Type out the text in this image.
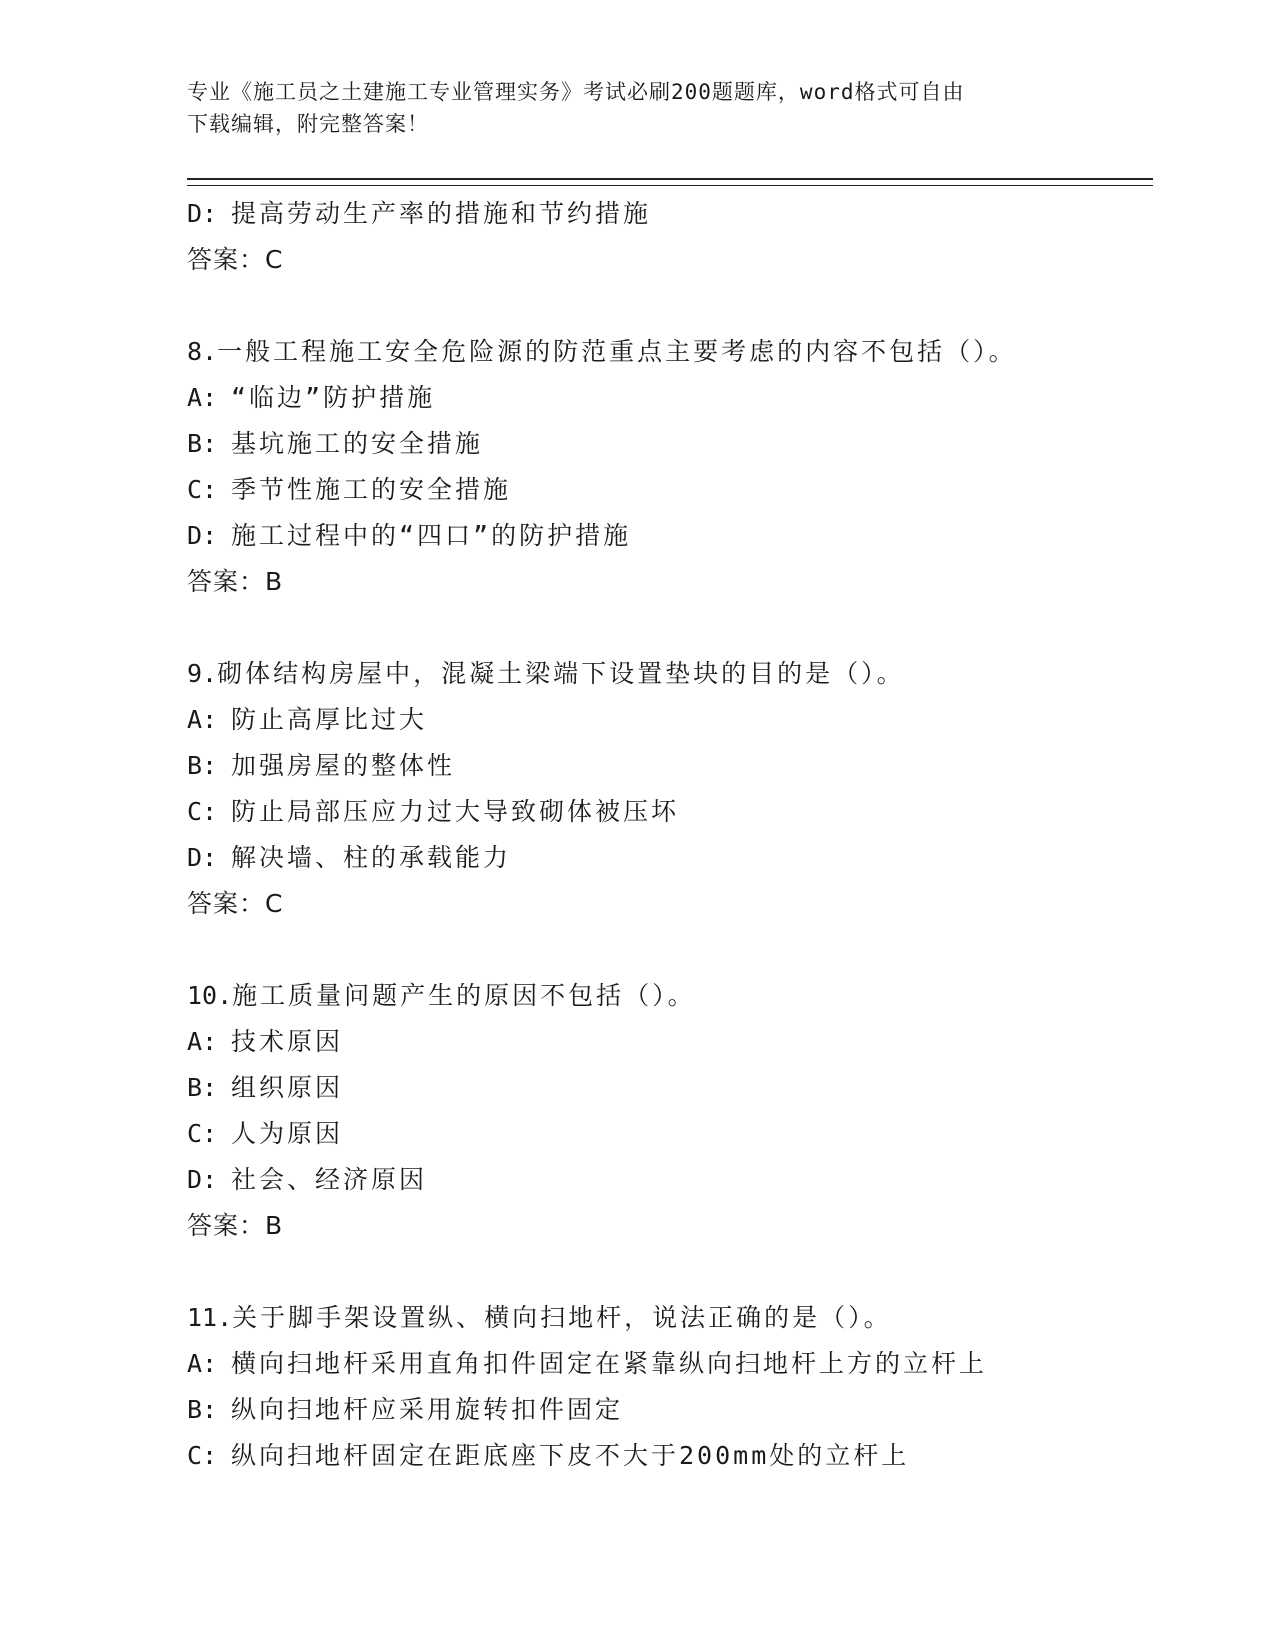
专业《施工员之土建施工专业管理实务》考试必刷200题题库，word格式可自由
下载编辑，附完整答案！
D: 提高劳动生产率的措施和节约措施
答案：C
8.一般工程施工安全危险源的防范重点主要考虑的内容不包括（）。
A: “临边”防护措施
B: 基坑施工的安全措施
C: 季节性施工的安全措施
D: 施工过程中的“四口”的防护措施
答案：B
9.砌体结构房屋中，混凝土梁端下设置垫块的目的是（）。
A: 防止高厚比过大
B: 加强房屋的整体性
C: 防止局部压应力过大导致砌体被压坏
D: 解决墙、柱的承载能力
答案：C
10.施工质量问题产生的原因不包括（）。
A: 技术原因
B: 组织原因
C: 人为原因
D: 社会、经济原因
答案：B
11.关于脚手架设置纵、横向扫地杆，说法正确的是（）。
A: 横向扫地杆采用直角扣件固定在紧靠纵向扫地杆上方的立杆上
B: 纵向扫地杆应采用旋转扣件固定
C: 纵向扫地杆固定在距底座下皮不大于200mm处的立杆上
